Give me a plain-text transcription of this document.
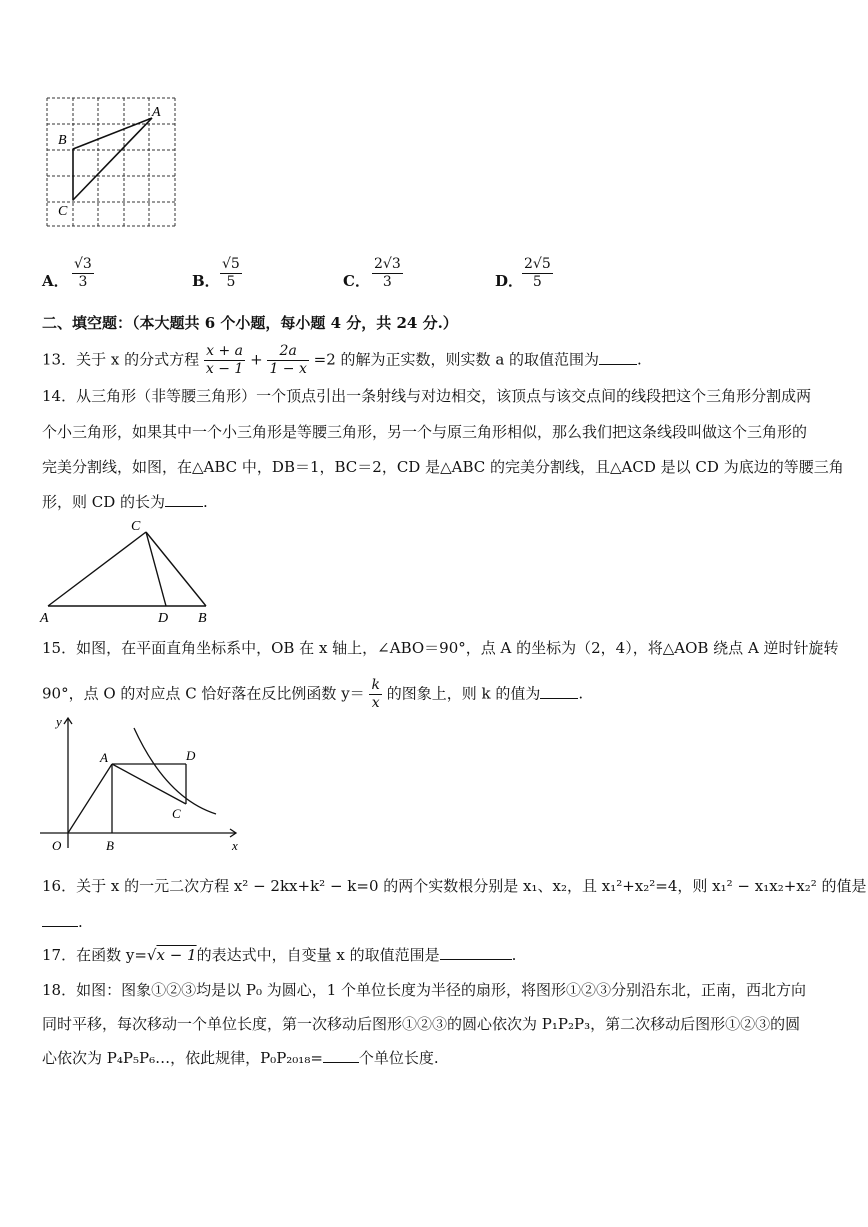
A
B
C
A． $\frac{√3}{3}$	B． $\frac{√5}{5}$	C． $\frac{2√3}{3}$	D．
$\frac{2√5}{5}$
二、填空题：（本大题共 6 个小题，每小题 4 分，共 24 分.）
13．关于 x 的分式方程 $\frac{x + a}{x - 1} + \frac{2a}{1 - x} =2$ 的解为正实数，则实数 a 的取值范围为	.
14．从三角形（非等腰三角形）一个顶点引出一条射线与对边相交，该顶点与该交点间的线段把这个三角形分割成两
个小三角形，如果其中一个小三角形是等腰三角形，另一个与原三角形相似，那么我们把这条线段叫做这个三角形的
完美分割线，如图，在△ABC 中，DB＝1，BC＝2，CD 是△ABC 的完美分割线，且△ACD 是以 CD 为底边的等腰三角
形，则 CD 的长为	.
C
A	D B
15．如图，在平面直角坐标系中，OB 在 x 轴上，∠ABO＝90°，点 A 的坐标为（2，4），将△AOB 绕点 A 逆时针旋转
90°，点 O 的对应点 C 恰好落在反比例函数 $y= \frac{k}{x}$ 的图象上，则 k 的值为	.
y
x
O
A
B
C
D
16．关于 x 的一元二次方程 x² − 2kx+k² − k=0 的两个实数根分别是 x₁、x₂，且 x₁²+x₂²=4，则 x₁² − x₁x₂+x₂² 的值是
.
17．在函数 y=√x − 1的表达式中，自变量 x 的取值范围是	.
18．如图：图象①②③均是以 P₀ 为圆心，1 个单位长度为半径的扇形，将图形①②③分别沿东北，正南，西北方向
同时平移，每次移动一个单位长度，第一次移动后图形①②③的圆心依次为 P₁P₂P₃，第二次移动后图形①②③的圆
心依次为 P₄P₅P₆…，依此规律，P₀P₂₀₁₈= 个单位长度.
